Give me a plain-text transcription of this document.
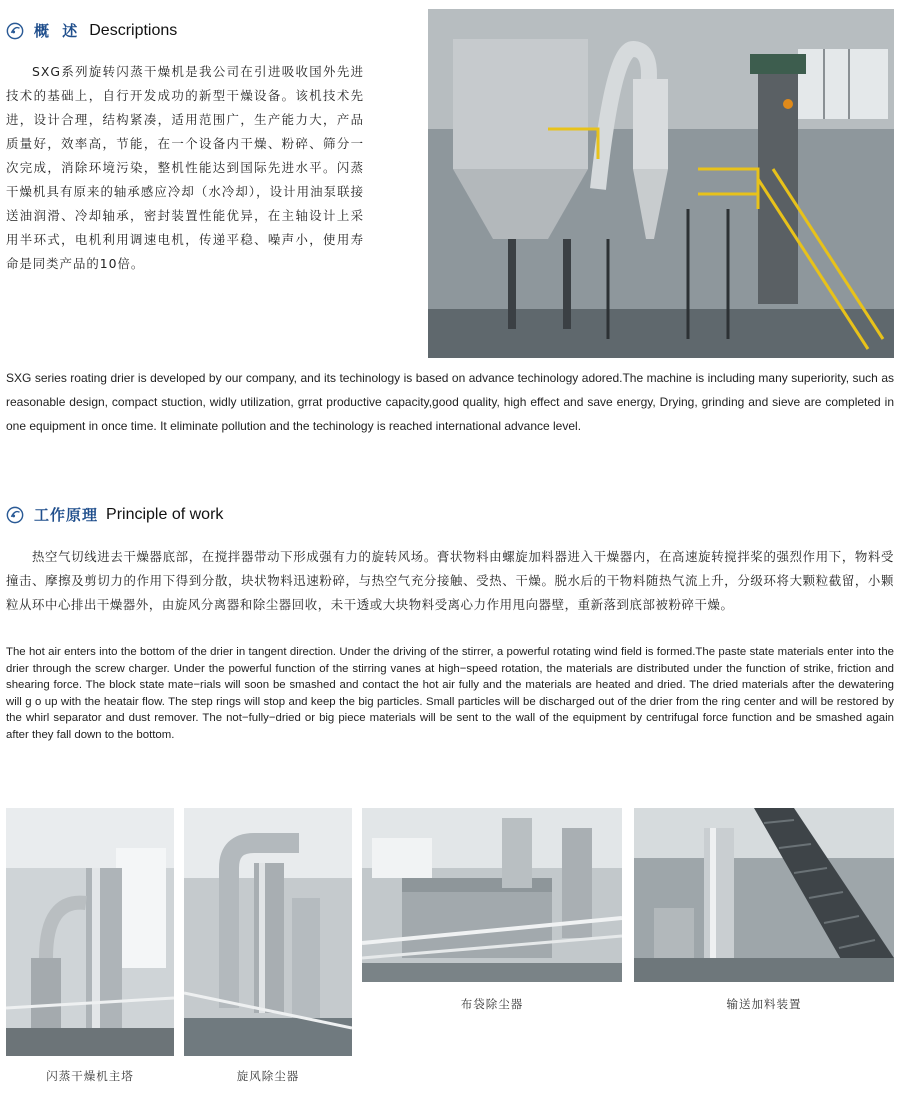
概 述 Descriptions

SXG系列旋转闪蒸干燥机是我公司在引进吸收国外先进技术的基础上，自行开发成功的新型干燥设备。该机技术先进，设计合理，结构紧凑，适用范围广，生产能力大，产品质量好，效率高，节能，在一个设备内干燥、粉碎、筛分一次完成，消除环境污染，整机性能达到国际先进水平。闪蒸干燥机具有原来的轴承感应冷却（水冷却），设计用油泵联接送油润滑、冷却轴承，密封装置性能优异，在主轴设计上采用半环式，电机利用调速电机，传递平稳、噪声小，使用寿命是同类产品的10倍。

SXG series roating drier is developed by our company, and its techinology is based on advance techinology adored.The machine is including many superiority, such as reasonable design, compact stuction, widly utilization, grrat productive capacity,good quality, high effect and save energy, Drying, grinding and sieve are completed in one equipment in once time. It eliminate pollution and the techinology is reached international advance level.

工作原理 Principle of work

热空气切线进去干燥器底部，在搅拌器带动下形成强有力的旋转风场。膏状物料由螺旋加料器进入干燥器内，在高速旋转搅拌桨的强烈作用下，物料受撞击、摩擦及剪切力的作用下得到分散，块状物料迅速粉碎，与热空气充分接触、受热、干燥。脱水后的干物料随热气流上升，分级环将大颗粒截留，小颗粒从环中心排出干燥器外，由旋风分离器和除尘器回收，未干透或大块物料受离心力作用甩向器壁，重新落到底部被粉碎干燥。

The hot air enters into the bottom of the drier in tangent direction. Under the driving of the stirrer, a powerful rotating wind field is formed.The paste state materials enter into the drier through the screw charger. Under the powerful function of the stirring vanes at high−speed rotation, the materials are distributed under the function of strike, friction and shearing force. The block state mate−rials will soon be smashed and contact the hot air fully and the materials are heated and dried. The dried materials after the dewatering will g o up with the heatair flow. The step rings will stop and keep the big particles. Small particles will be discharged out of the drier from the ring center and will be restored by the whirl separator and dust remover. The not−fully−dried or big piece materials will be sent to the wall of the equipment by centrifugal force function and be smashed again after they fall down to the bottom.

闪蒸干燥机主塔	旋风除尘器
布袋除尘器	输送加料装置
